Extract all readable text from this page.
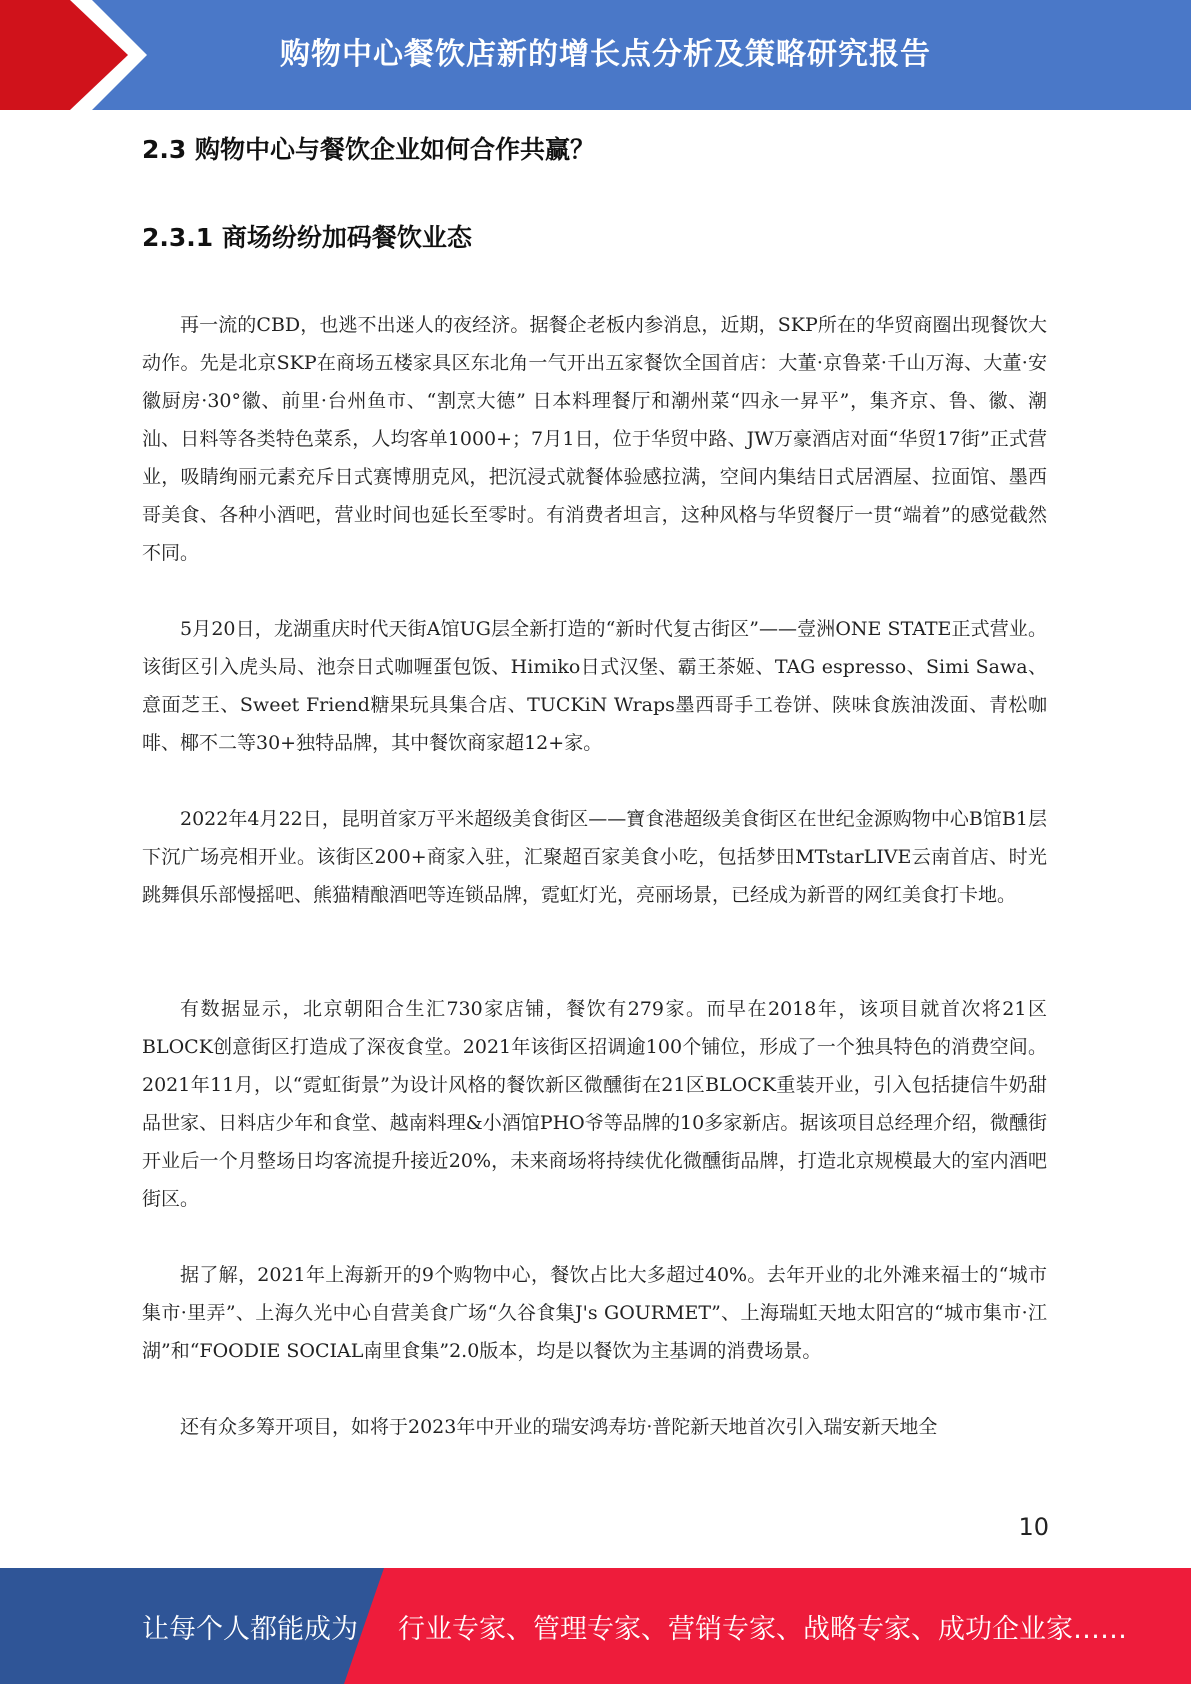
购物中心餐饮店新的增长点分析及策略研究报告
2.3 购物中心与餐饮企业如何合作共赢？
2.3.1 商场纷纷加码餐饮业态

再一流的CBD，也逃不出迷人的夜经济。据餐企老板内参消息，近期，SKP所在的华贸商圈出现餐饮大动作。先是北京SKP在商场五楼家具区东北角一气开出五家餐饮全国首店：大董·京鲁菜·千山万海、大董·安徽厨房·30°徽、前里·台州鱼市、“割烹大德” 日本料理餐厅和潮州菜“四永一昇平”，集齐京、鲁、徽、潮汕、日料等各类特色菜系，人均客单1000+；7月1日，位于华贸中路、JW万豪酒店对面“华贸17街”正式营业，吸睛绚丽元素充斥日式赛博朋克风，把沉浸式就餐体验感拉满，空间内集结日式居酒屋、拉面馆、墨西哥美食、各种小酒吧，营业时间也延长至零时。有消费者坦言，这种风格与华贸餐厅一贯“端着”的感觉截然不同。

5月20日，龙湖重庆时代天街A馆UG层全新打造的“新时代复古街区”——壹洲ONE STATE正式营业。该街区引入虎头局、池奈日式咖喱蛋包饭、Himiko日式汉堡、霸王茶姬、TAG espresso、Simi Sawa、意面芝王、Sweet Friend糖果玩具集合店、TUCKiN Wraps墨西哥手工卷饼、陕味食族油泼面、青松咖啡、椰不二等30+独特品牌，其中餐饮商家超12+家。

2022年4月22日，昆明首家万平米超级美食街区——寶食港超级美食街区在世纪金源购物中心B馆B1层下沉广场亮相开业。该街区200+商家入驻，汇聚超百家美食小吃，包括梦田MTstarLIVE云南首店、时光跳舞俱乐部慢摇吧、熊猫精酿酒吧等连锁品牌，霓虹灯光，亮丽场景，已经成为新晋的网红美食打卡地。

有数据显示，北京朝阳合生汇730家店铺，餐饮有279家。而早在2018年，该项目就首次将21区BLOCK创意街区打造成了深夜食堂。2021年该街区招调逾100个铺位，形成了一个独具特色的消费空间。2021年11月，以“霓虹街景”为设计风格的餐饮新区微醺街在21区BLOCK重装开业，引入包括捷信牛奶甜品世家、日料店少年和食堂、越南料理&小酒馆PHO爷等品牌的10多家新店。据该项目总经理介绍，微醺街开业后一个月整场日均客流提升接近20%，未来商场将持续优化微醺街品牌，打造北京规模最大的室内酒吧街区。

据了解，2021年上海新开的9个购物中心，餐饮占比大多超过40%。去年开业的北外滩来福士的“城市集市·里弄”、上海久光中心自营美食广场“久谷食集J's GOURMET”、上海瑞虹天地太阳宫的“城市集市·江湖”和“FOODIE SOCIAL南里食集”2.0版本，均是以餐饮为主基调的消费场景。

还有众多筹开项目，如将于2023年中开业的瑞安鸿寿坊·普陀新天地首次引入瑞安新天地全

10
让每个人都能成为 行业专家、管理专家、营销专家、战略专家、成功企业家……
